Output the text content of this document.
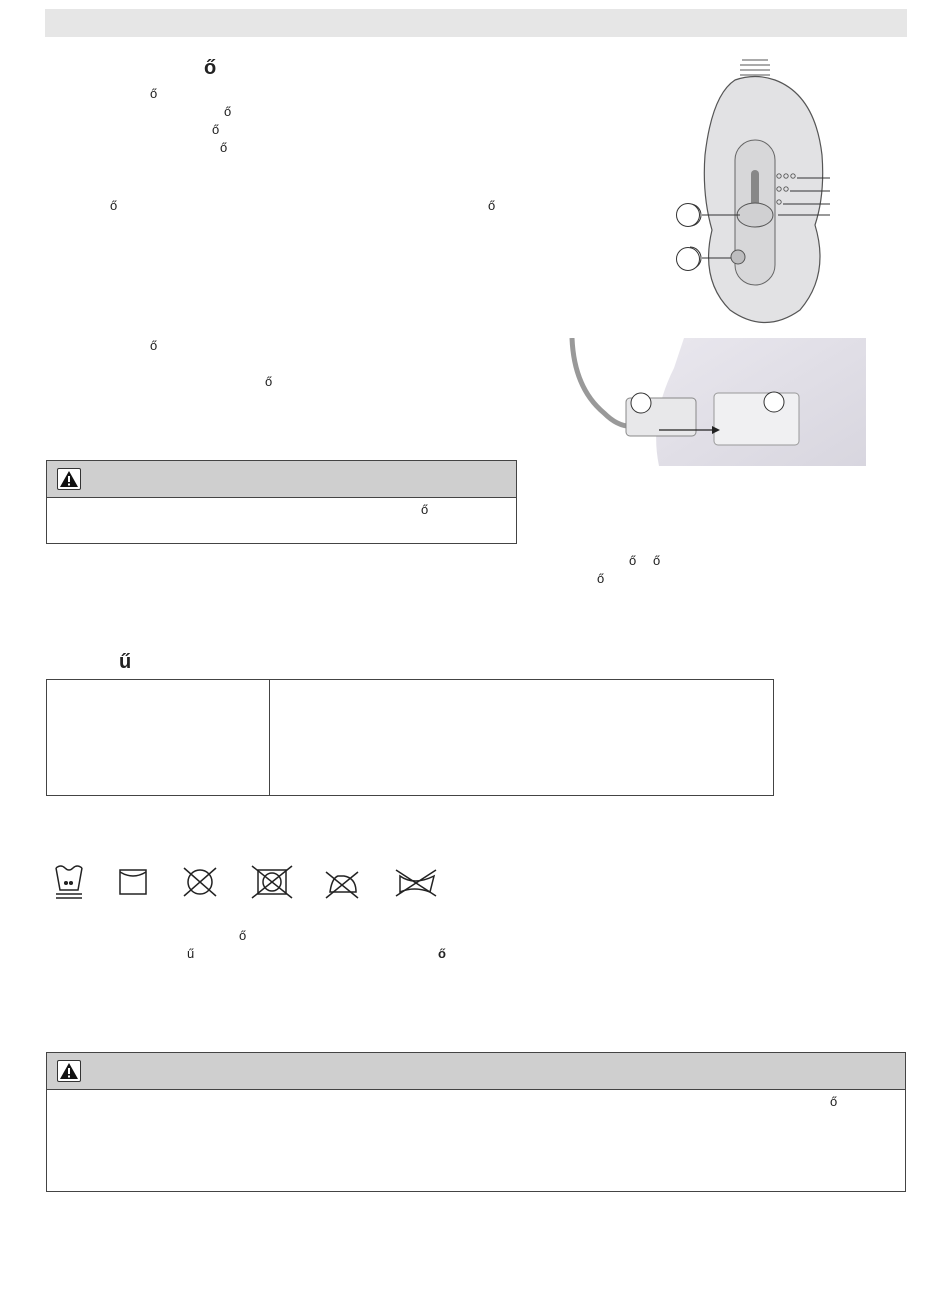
ő
ő
ő
ő
ő
ő	ő
ő
ő
ő
ő ő
ő
ű
ő
ű	ő
ő
